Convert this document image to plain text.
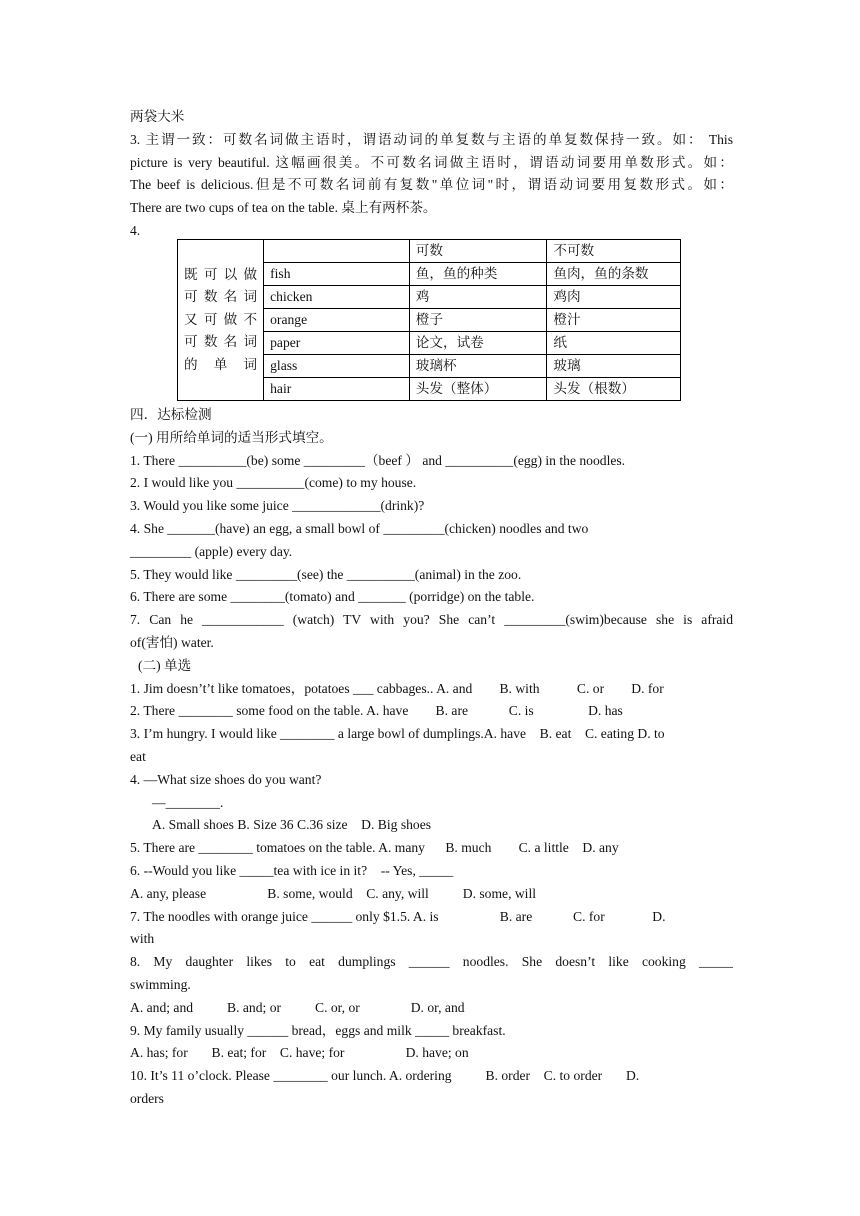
两袋大米
3. 主谓一致：可数名词做主语时，谓语动词的单复数与主语的单复数保持一致。如： This
picture is very beautiful. 这幅画很美。不可数名词做主语时，谓语动词要用单数形式。如：
The beef is delicious.但是不可数名词前有复数"单位词"时，谓语动词要用复数形式。如：
There are two cups of tea on the table. 桌上有两杯茶。
4.
既可以做
可数名词
又可做不
可数名词
的单词		可数	不可数
	fish	鱼，鱼的种类	鱼肉，鱼的条数
	chicken	鸡	鸡肉
	orange	橙子	橙汁
	paper	论文，试卷	纸
	glass	玻璃杯	玻璃
	hair	头发（整体）	头发（根数）
四．达标检测
(一) 用所给单词的适当形式填空。
1. There __________(be) some _________（beef ） and __________(egg) in the noodles.
2. I would like you __________(come) to my house.
3. Would you like some juice _____________(drink)?
4. She _______(have) an egg, a small bowl of _________(chicken) noodles and two
_________ (apple) every day.
5. They would like _________(see) the __________(animal) in the zoo.
6. There are some ________(tomato) and _______ (porridge) on the table.
7. Can he ____________ (watch) TV with you? She can’t _________(swim)because she is afraid
of(害怕) water.
(二) 单选
1. Jim doesn’t’t like tomatoes，potatoes ___ cabbages.. A. and        B. with           C. or        D. for
2. There ________ some food on the table. A. have        B. are            C. is                D. has
3. I’m hungry. I would like ________ a large bowl of dumplings.A. have    B. eat    C. eating D. to
eat
4. —What size shoes do you want?
—________.
A. Small shoes B. Size 36 C.36 size    D. Big shoes
5. There are ________ tomatoes on the table. A. many      B. much        C. a little    D. any
6. --Would you like _____tea with ice in it?    -- Yes, _____
A. any, please                  B. some, would    C. any, will          D. some, will
7. The noodles with orange juice ______ only $1.5. A. is                  B. are            C. for              D.
with
8. My daughter likes to eat dumplings ______ noodles. She doesn’t like cooking _____
swimming.
A. and; and          B. and; or          C. or, or               D. or, and
9. My family usually ______ bread，eggs and milk _____ breakfast.
A. has; for       B. eat; for    C. have; for                  D. have; on
10. It’s 11 o’clock. Please ________ our lunch. A. ordering          B. order    C. to order       D.
orders
